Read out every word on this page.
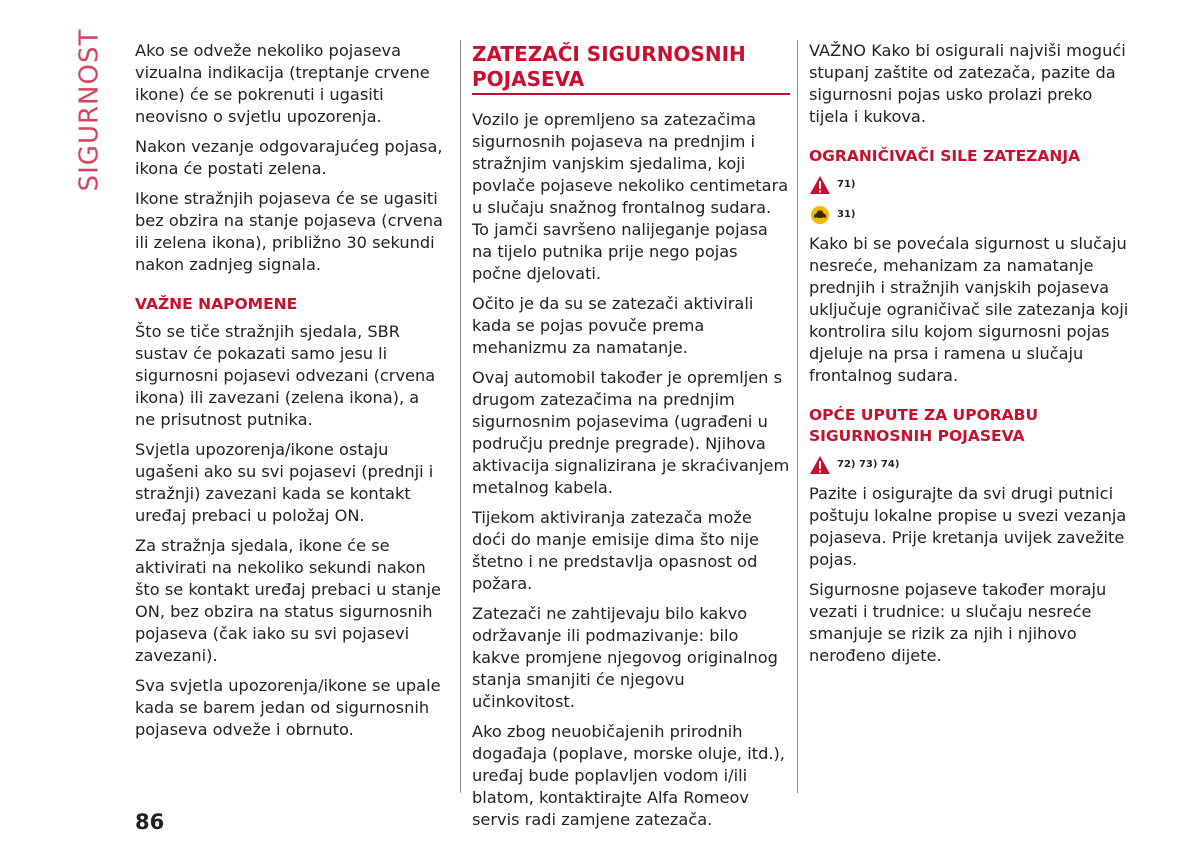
SIGURNOST Ako se odveže nekoliko pojaseva vizualna indikacija (treptanje crvene ikone) će se pokrenuti i ugasiti neovisno o svjetlu upozorenja.

Nakon vezanje odgovarajućeg pojasa, ikona će postati zelena.

Ikone stražnjih pojaseva će se ugasiti bez obzira na stanje pojaseva (crvena ili zelena ikona), približno 30 sekundi nakon zadnjeg signala.

VAŽNE NAPOMENE

Što se tiče stražnjih sjedala, SBR sustav će pokazati samo jesu li sigurnosni pojasevi odvezani (crvena ikona) ili zavezani (zelena ikona), a ne prisutnost putnika.

Svjetla upozorenja/ikone ostaju ugašeni ako su svi pojasevi (prednji i stražnji) zavezani kada se kontakt uređaj prebaci u položaj ON.

Za stražnja sjedala, ikone će se aktivirati na nekoliko sekundi nakon što se kontakt uređaj prebaci u stanje ON, bez obzira na status sigurnosnih pojaseva (čak iako su svi pojasevi zavezani).

Sva svjetla upozorenja/ikone se upale kada se barem jedan od sigurnosnih pojaseva odveže i obrnuto.

ZATEZAČI SIGURNOSNIH POJASEVA

Vozilo je opremljeno sa zatezačima sigurnosnih pojaseva na prednjim i stražnjim vanjskim sjedalima, koji povlače pojaseve nekoliko centimetara u slučaju snažnog frontalnog sudara. To jamči savršeno nalijeganje pojasa na tijelo putnika prije nego pojas počne djelovati.

Očito je da su se zatezači aktivirali kada se pojas povuče prema mehanizmu za namatanje.

Ovaj automobil također je opremljen s drugom zatezačima na prednjim sigurnosnim pojasevima (ugrađeni u području prednje pregrade). Njihova aktivacija signalizirana je skraćivanjem metalnog kabela.

Tijekom aktiviranja zatezača može doći do manje emisije dima što nije štetno i ne predstavlja opasnost od požara.

Zatezači ne zahtijevaju bilo kakvo održavanje ili podmazivanje: bilo kakve promjene njegovog originalnog stanja smanjiti će njegovu učinkovitost.

Ako zbog neuobičajenih prirodnih događaja (poplave, morske oluje, itd.), uređaj bude poplavljen vodom i/ili blatom, kontaktirajte Alfa Romeov servis radi zamjene zatezača.

VAŽNO Kako bi osigurali najviši mogući stupanj zaštite od zatezača, pazite da sigurnosni pojas usko prolazi preko tijela i kukova.

OGRANIČIVAČI SILE ZATEZANJA
71)
31)

Kako bi se povećala sigurnost u slučaju nesreće, mehanizam za namatanje prednjih i stražnjih vanjskih pojaseva uključuje ograničivač sile zatezanja koji kontrolira silu kojom sigurnosni pojas djeluje na prsa i ramena u slučaju frontalnog sudara.

OPĆE UPUTE ZA UPORABU SIGURNOSNIH POJASEVA
72) 73) 74)

Pazite i osigurajte da svi drugi putnici poštuju lokalne propise u svezi vezanja pojaseva. Prije kretanja uvijek zavežite pojas.

Sigurnosne pojaseve također moraju vezati i trudnice: u slučaju nesreće smanjuje se rizik za njih i njihovo nerođeno dijete.

86
